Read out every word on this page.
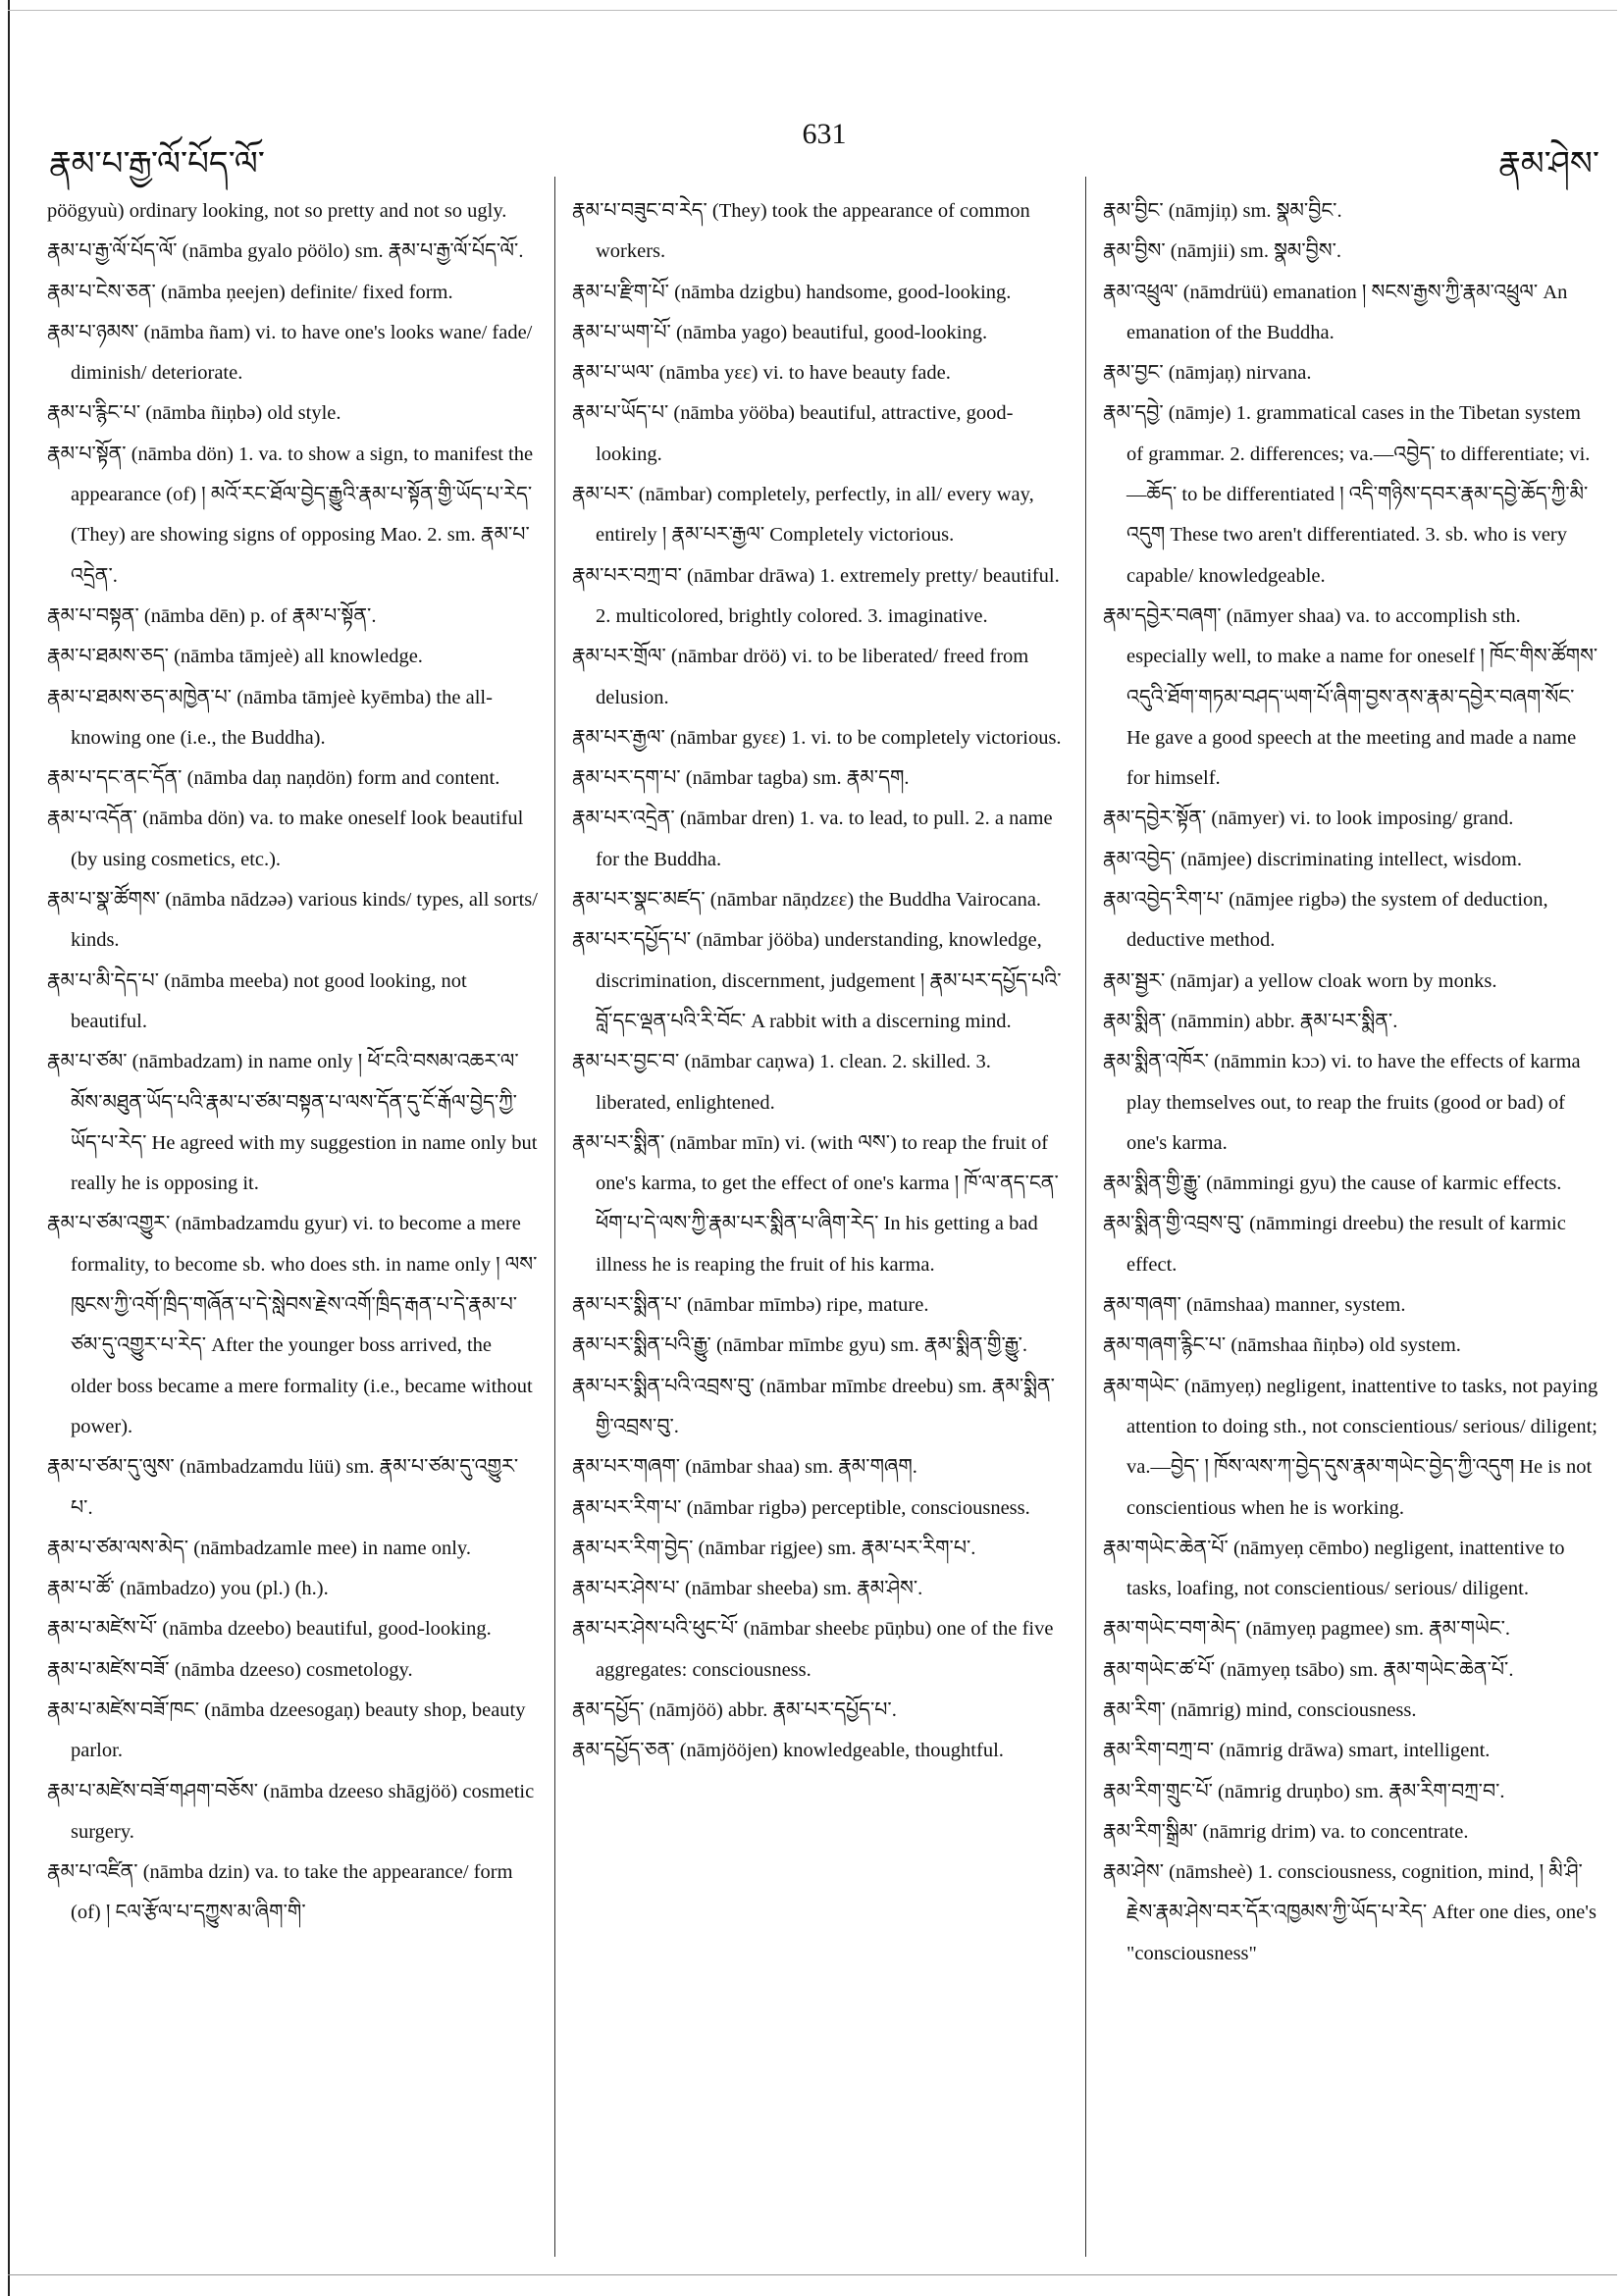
རྣམ་པ་རྒྱ་ལོ་པོད་ལོ་
631
རྣམ་ཤེས་
pöögyuù) ordinary looking, not so pretty and not so ugly.
རྣམ་པ་རྒྱ་ལོ་པོད་ལོ་ (nāmba gyalo pöölo) sm. རྣམ་པ་རྒྱ་ལོ་པོད་ལོ་.
རྣམ་པ་ངེས་ཅན་ (nāmba ņeejen) definite/ fixed form.
རྣམ་པ་ཉམས་ (nāmba ñam) vi. to have one's looks wane/ fade/ diminish/ deteriorate.
རྣམ་པ་རྙིང་པ་ (nāmba ñiņbə) old style.
རྣམ་པ་སྟོན་ (nāmba dön) 1. va. to show a sign, to manifest the appearance (of) ། མའོ་རང་ཐོལ་བྱེད་རྒྱུའི་རྣམ་པ་སྟོན་གྱི་ཡོད་པ་རེད་ (They) are showing signs of opposing Mao. 2. sm. རྣམ་པ་འདྲེན་.
རྣམ་པ་བསྟན་ (nāmba dēn) p. of རྣམ་པ་སྟོན་.
རྣམ་པ་ཐམས་ཅད་ (nāmba tāmjeè) all knowledge.
རྣམ་པ་ཐམས་ཅད་མཁྱེན་པ་ (nāmba tāmjeè kyēmba) the all-knowing one (i.e., the Buddha).
རྣམ་པ་དང་ནང་དོན་ (nāmba daņ naņdön) form and content.
རྣམ་པ་འདོན་ (nāmba dön) va. to make oneself look beautiful (by using cosmetics, etc.).
རྣམ་པ་སྣ་ཚོགས་ (nāmba nādzəə) various kinds/ types, all sorts/ kinds.
རྣམ་པ་མི་དེད་པ་ (nāmba meeba) not good looking, not beautiful.
རྣམ་པ་ཙམ་ (nāmbadzam) in name only ། ཕོ་ངའི་བསམ་འཆར་ལ་མོས་མཐུན་ཡོད་པའི་རྣམ་པ་ཙམ་བསྟན་པ་ལས་དོན་དུ་ངོ་རྒོལ་བྱེད་ཀྱི་ཡོད་པ་རེད་ He agreed with my suggestion in name only but really he is opposing it.
རྣམ་པ་ཙམ་འགྱུར་ (nāmbadzamdu gyur) vi. to become a mere formality, to become sb. who does sth. in name only ། ལས་ཁུངས་ཀྱི་འགོ་ཁྲིད་གཞོན་པ་དེ་སླེབས་རྗེས་འགོ་ཁྲིད་རྒན་པ་དེ་རྣམ་པ་ཙམ་དུ་འགྱུར་པ་རེད་ After the younger boss arrived, the older boss became a mere formality (i.e., became without power).
རྣམ་པ་ཙམ་དུ་ལུས་ (nāmbadzamdu lüü) sm. རྣམ་པ་ཙམ་དུ་འགྱུར་པ་.
རྣམ་པ་ཙམ་ལས་མེད་ (nāmbadzamle mee) in name only.
རྣམ་པ་ཚོ་ (nāmbadzo) you (pl.) (h.).
རྣམ་པ་མཛེས་པོ་ (nāmba dzeebo) beautiful, good-looking.
རྣམ་པ་མཛེས་བཟོ་ (nāmba dzeeso) cosmetology.
རྣམ་པ་མཛེས་བཟོ་ཁང་ (nāmba dzeesogaņ) beauty shop, beauty parlor.
རྣམ་པ་མཛེས་བཟོ་གཤག་བཅོས་ (nāmba dzeeso shāgjöö) cosmetic surgery.
རྣམ་པ་འཛིན་ (nāmba dzin) va. to take the appearance/ form (of) ། ངལ་རྩོལ་པ་དཀྱུས་མ་ཞིག་གི་
རྣམ་པ་བཟུང་བ་རེད་ (They) took the appearance of common workers.
རྣམ་པ་རྫིག་པོ་ (nāmba dzigbu) handsome, good-looking.
རྣམ་པ་ཡག་པོ་ (nāmba yago) beautiful, good-looking.
རྣམ་པ་ཡལ་ (nāmba yεε) vi. to have beauty fade.
རྣམ་པ་ཡོད་པ་ (nāmba yööba) beautiful, attractive, good-looking.
རྣམ་པར་ (nāmbar) completely, perfectly, in all/ every way, entirely ། རྣམ་པར་རྒྱལ་ Completely victorious.
རྣམ་པར་བཀྲ་བ་ (nāmbar drāwa) 1. extremely pretty/ beautiful. 2. multicolored, brightly colored. 3. imaginative.
རྣམ་པར་གྲོལ་ (nāmbar dröö) vi. to be liberated/ freed from delusion.
རྣམ་པར་རྒྱལ་ (nāmbar gyεε) 1. vi. to be completely victorious.
རྣམ་པར་དག་པ་ (nāmbar tagba) sm. རྣམ་དག.
རྣམ་པར་འདྲེན་ (nāmbar dren) 1. va. to lead, to pull. 2. a name for the Buddha.
རྣམ་པར་སྣང་མཛད་ (nāmbar nāņdzεε) the Buddha Vairocana.
རྣམ་པར་དཔྱོད་པ་ (nāmbar jööba) understanding, knowledge, discrimination, discernment, judgement ། རྣམ་པར་དཔྱོད་པའི་བློ་དང་ལྡན་པའི་རི་བོང་ A rabbit with a discerning mind.
རྣམ་པར་བྱང་བ་ (nāmbar caņwa) 1. clean. 2. skilled. 3. liberated, enlightened.
རྣམ་པར་སྨིན་ (nāmbar mīn) vi. (with ལས་) to reap the fruit of one's karma, to get the effect of one's karma ། ཁོ་ལ་ནད་ངན་ཕོག་པ་དེ་ལས་ཀྱི་རྣམ་པར་སྨིན་པ་ཞིག་རེད་ In his getting a bad illness he is reaping the fruit of his karma.
རྣམ་པར་སྨིན་པ་ (nāmbar mīmbə) ripe, mature.
རྣམ་པར་སྨིན་པའི་རྒྱུ་ (nāmbar mīmbε gyu) sm. རྣམ་སྨིན་གྱི་རྒྱུ་.
རྣམ་པར་སྨིན་པའི་འབྲས་བུ་ (nāmbar mīmbε dreebu) sm. རྣམ་སྨིན་གྱི་འབྲས་བུ་.
རྣམ་པར་གཞག་ (nāmbar shaa) sm. རྣམ་གཞག.
རྣམ་པར་རིག་པ་ (nāmbar rigbə) perceptible, consciousness.
རྣམ་པར་རིག་བྱེད་ (nāmbar rigjee) sm. རྣམ་པར་རིག་པ་.
རྣམ་པར་ཤེས་པ་ (nāmbar sheeba) sm. རྣམ་ཤེས་.
རྣམ་པར་ཤེས་པའི་ཕུང་པོ་ (nāmbar sheebε pūņbu) one of the five aggregates: consciousness.
རྣམ་དཔྱོད་ (nāmjöö) abbr. རྣམ་པར་དཔྱོད་པ་.
རྣམ་དཔྱོད་ཅན་ (nāmjööjen) knowledgeable, thoughtful.
རྣམ་བྱིང་ (nāmjiņ) sm. སྣམ་བྱིང་.
རྣམ་བྱིས་ (nāmjii) sm. སྣམ་བྱིས་.
རྣམ་འཕྲུལ་ (nāmdrüü) emanation ། སངས་རྒྱས་ཀྱི་རྣམ་འཕྲུལ་ An emanation of the Buddha.
རྣམ་བྱང་ (nāmjaņ) nirvana.
རྣམ་དབྱེ་ (nāmje) 1. grammatical cases in the Tibetan system of grammar. 2. differences; va.—འབྱེད་ to differentiate; vi.—ཆོད་ to be differentiated ། འདི་གཉིས་དབར་རྣམ་དབྱེ་ཆོད་ཀྱི་མི་འདུག These two aren't differentiated. 3. sb. who is very capable/ knowledgeable.
རྣམ་དབྱེར་བཞག་ (nāmyer shaa) va. to accomplish sth. especially well, to make a name for oneself ། ཁོང་གིས་ཚོགས་འདུའི་ཐོག་གཏམ་བཤད་ཡག་པོ་ཞིག་བྱས་ནས་རྣམ་དབྱེར་བཞག་སོང་ He gave a good speech at the meeting and made a name for himself.
རྣམ་དབྱེར་སྟོན་ (nāmyer) vi. to look imposing/ grand.
རྣམ་འབྱེད་ (nāmjee) discriminating intellect, wisdom.
རྣམ་འབྱེད་རིག་པ་ (nāmjee rigbə) the system of deduction, deductive method.
རྣམ་སྦྱར་ (nāmjar) a yellow cloak worn by monks.
རྣམ་སྨིན་ (nāmmin) abbr. རྣམ་པར་སྨིན་.
རྣམ་སྨིན་འཁོར་ (nāmmin kɔɔ) vi. to have the effects of karma play themselves out, to reap the fruits (good or bad) of one's karma.
རྣམ་སྨིན་གྱི་རྒྱུ་ (nāmmingi gyu) the cause of karmic effects.
རྣམ་སྨིན་གྱི་འབྲས་བུ་ (nāmmingi dreebu) the result of karmic effect.
རྣམ་གཞག་ (nāmshaa) manner, system.
རྣམ་གཞག་རྙིང་པ་ (nāmshaa ñiņbə) old system.
རྣམ་གཡེང་ (nāmyeņ) negligent, inattentive to tasks, not paying attention to doing sth., not conscientious/ serious/ diligent; va.—བྱེད་ ། ཁོས་ལས་ཀ་བྱེད་དུས་རྣམ་གཡེང་བྱེད་ཀྱི་འདུག He is not conscientious when he is working.
རྣམ་གཡེང་ཆེན་པོ་ (nāmyeņ cēmbo) negligent, inattentive to tasks, loafing, not conscientious/ serious/ diligent.
རྣམ་གཡེང་བག་མེད་ (nāmyeņ pagmee) sm. རྣམ་གཡེང་.
རྣམ་གཡེང་ཚ་པོ་ (nāmyeņ tsābo) sm. རྣམ་གཡེང་ཆེན་པོ་.
རྣམ་རིག་ (nāmrig) mind, consciousness.
རྣམ་རིག་བཀྲ་བ་ (nāmrig drāwa) smart, intelligent.
རྣམ་རིག་གྲུང་པོ་ (nāmrig druņbo) sm. རྣམ་རིག་བཀྲ་བ་.
རྣམ་རིག་སྒྲིམ་ (nāmrig drim) va. to concentrate.
རྣམ་ཤེས་ (nāmsheè) 1. consciousness, cognition, mind, ། མི་ཤི་རྗེས་རྣམ་ཤེས་བར་དོར་འཁྱམས་ཀྱི་ཡོད་པ་རེད་ After one dies, one's "consciousness"
